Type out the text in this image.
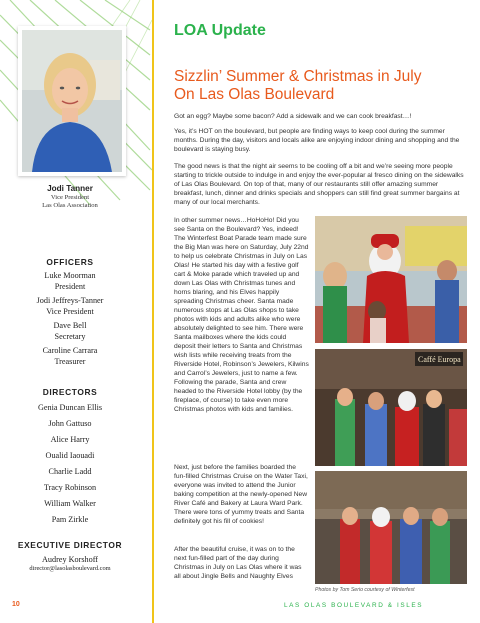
Jodi Tanner
Vice President
Las Olas Association
OFFICERS
Luke Moorman
President
Jodi Jeffreys-Tanner
Vice President
Dave Bell
Secretary
Caroline Carrara
Treasurer
DIRECTORS
Genia Duncan Ellis
John Gattuso
Alice Harry
Oualid Iaouadi
Charlie Ladd
Tracy Robinson
William Walker
Pam Zirkle
EXECUTIVE DIRECTOR
Audrey Korshoff
director@lasolasboulevard.com
LOA Update
Sizzlin’ Summer & Christmas in July
On Las Olas Boulevard
Got an egg? Maybe some bacon? Add a sidewalk and we can cook breakfast…!
Yes, it’s HOT on the boulevard, but people are finding ways to keep cool during the summer months. During the day, visitors and locals alike are enjoying indoor dining and shopping and the boulevard is staying busy.
The good news is that the night air seems to be cooling off a bit and we’re seeing more people starting to trickle outside to indulge in and enjoy the ever-popular al fresco dining on the sidewalks of Las Olas Boulevard. On top of that, many of our restaurants still offer amazing summer breakfast, lunch, dinner and drinks specials and shoppers can still find great summer bargains at many of our local merchants.
In other summer news…HoHoHo! Did you see Santa on the Boulevard? Yes, indeed! The Winterfest Boat Parade team made sure the Big Man was here on Saturday, July 22nd to help us celebrate Christmas in July on Las Olas! He started his day with a festive golf cart & Moke parade which traveled up and down Las Olas with Christmas tunes and horns blaring, and his Elves happily spreading Christmas cheer. Santa made numerous stops at Las Olas shops to take photos with kids and adults alike who were absolutely delighted to see him. There were Santa mailboxes where the kids could deposit their letters to Santa and Christmas wish lists while receiving treats from the Riverside Hotel, Robinson’s Jewelers, Kilwins and Carrol’s Jewelers, just to name a few. Following the parade, Santa and crew headed to the Riverside Hotel lobby (by the fireplace, of course) to take even more Christmas photos with kids and families.
Next, just before the families boarded the fun-filled Christmas Cruise on the Water Taxi, everyone was invited to attend the Junior baking competition at the newly-opened New River Café and Bakery at Laura Ward Park. There were tons of yummy treats and Santa definitely got his fill of cookies!
After the beautiful cruise, it was on to the next fun-filled part of the day during Christmas in July on Las Olas where it was all about Jingle Bells and Naughty Elves
Caffé Europa
Photos by Tom Serio courtesy of Winterfest
10	LAS OLAS BOULEVARD & ISLES
